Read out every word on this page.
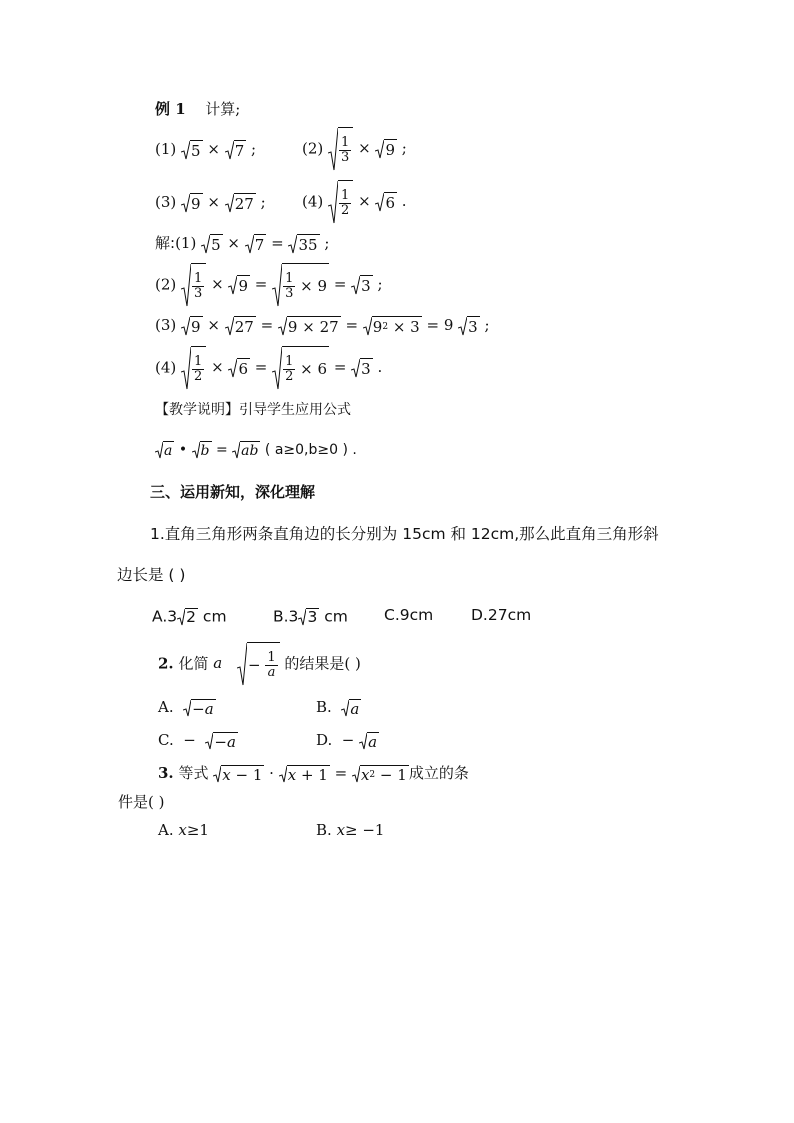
例 1 计算;
(1) 5 × 7 ;	$(2) \frac{1}{3} \times 9$ ;
(3) 9 × 27 ; $(4) \frac{1}{2} \times 6$ .
解:(1) 5 × 7 = 35 ;
$(2) \frac{1}{3} \times 9 = \frac{1}{3} \times 9 = 3$ ;
(3) 9 × 27 = 9 × 27 = 9 2 × 3 = 9 3 ;
$(4) \frac{1}{2} \times 6 = \frac{1}{2} \times 6 = 3$ .
【教学说明】引导学生应用公式
a • b = ab ( a≥0,b≥0 ) .
三、运用新知，深化理解
1.直角三角形两条直角边的长分别为 15cm 和 12cm,那么此直角三角形斜
边长是 ( )
A.3 2 cm	B.3 3 cm C.9cm D.27cm
2. 化简 $a - \frac{1}{a}$ 的结果是( )
A. − a	B. a
C.  − − a	D.  − a
3. 等式 x − 1 · x + 1 = x 2 − 1 成立的条
件是( )
A. x≥1	B. x≥ −1
